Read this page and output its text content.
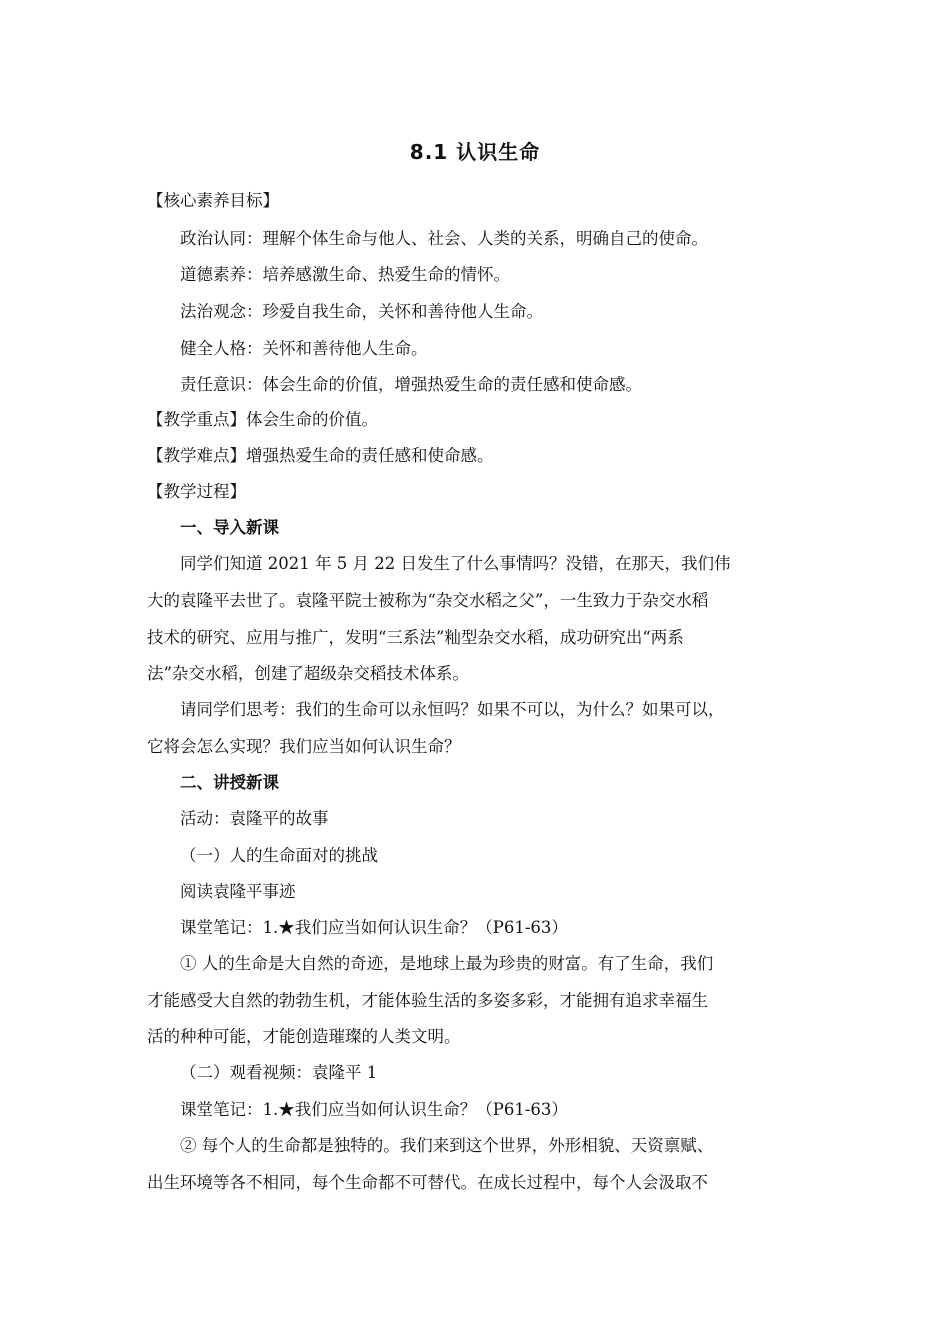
8.1 认识生命
【核心素养目标】
政治认同：理解个体生命与他人、社会、人类的关系，明确自己的使命。
道德素养：培养感激生命、热爱生命的情怀。
法治观念：珍爱自我生命，关怀和善待他人生命。
健全人格：关怀和善待他人生命。
责任意识：体会生命的价值，增强热爱生命的责任感和使命感。
【教学重点】体会生命的价值。
【教学难点】增强热爱生命的责任感和使命感。
【教学过程】
一、导入新课
同学们知道 2021 年 5 月 22 日发生了什么事情吗？没错，在那天，我们伟
大的袁隆平去世了。袁隆平院士被称为“杂交水稻之父”，一生致力于杂交水稻
技术的研究、应用与推广，发明“三系法”籼型杂交水稻，成功研究出“两系
法”杂交水稻，创建了超级杂交稻技术体系。
请同学们思考：我们的生命可以永恒吗？如果不可以，为什么？如果可以，
它将会怎么实现？我们应当如何认识生命？
二、讲授新课
活动：袁隆平的故事
（一）人的生命面对的挑战
阅读袁隆平事迹
课堂笔记：1.★我们应当如何认识生命？（P61-63）
① 人的生命是大自然的奇迹，是地球上最为珍贵的财富。有了生命，我们
才能感受大自然的勃勃生机，才能体验生活的多姿多彩，才能拥有追求幸福生
活的种种可能，才能创造璀璨的人类文明。
（二）观看视频：袁隆平 1
课堂笔记：1.★我们应当如何认识生命？（P61-63）
② 每个人的生命都是独特的。我们来到这个世界，外形相貌、天资禀赋、
出生环境等各不相同，每个生命都不可替代。在成长过程中，每个人会汲取不
